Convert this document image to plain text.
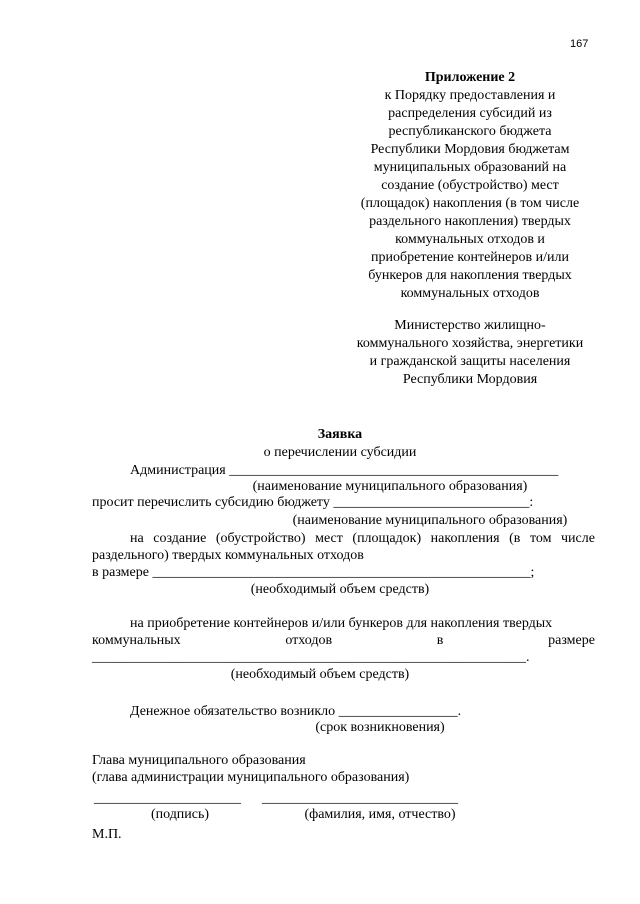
167
Приложение 2
к Порядку предоставления и
распределения субсидий из
республиканского бюджета
Республики Мордовия бюджетам
муниципальных образований на
создание (обустройство) мест
(площадок) накопления (в том числе
раздельного накопления) твердых
коммунальных отходов и
приобретение контейнеров и/или
бункеров для накопления твердых
коммунальных отходов
Министерство жилищно-
коммунального хозяйства, энергетики
и гражданской защиты населения
Республики Мордовия
Заявка
о перечислении субсидии
Администрация _______________________________________________
(наименование муниципального образования)
просит перечислить субсидию бюджету ____________________________:
(наименование муниципального образования)
на создание (обустройство) мест (площадок) накопления (в том числе
раздельного) твердых коммунальных отходов
в размере ______________________________________________________;
(необходимый объем средств)
на приобретение контейнеров и/или бункеров для накопления твердых
коммунальных	отходов	в	размере
______________________________________________________________.
(необходимый объем средств)
Денежное обязательство возникло _________________.
(срок возникновения)
Глава муниципального образования
(глава администрации муниципального образования)
_____________________ ____________________________
(подпись)	(фамилия, имя, отчество)
М.П.
